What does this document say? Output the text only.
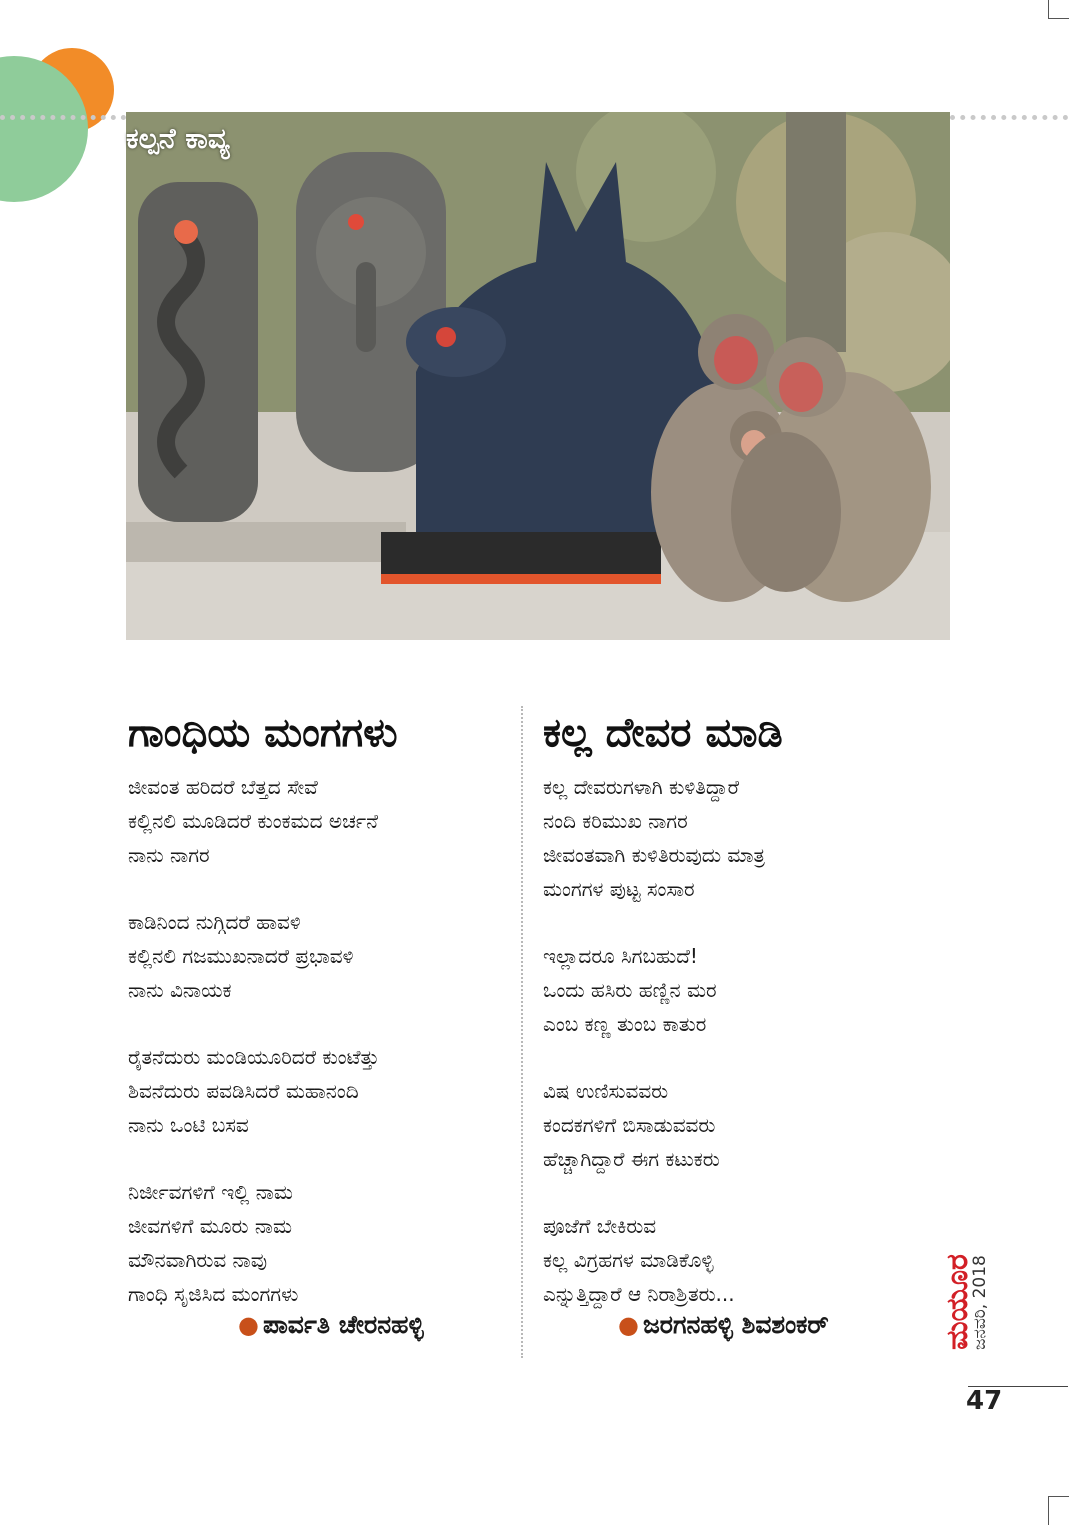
ಕಲ್ಪನೆ ಕಾವ್ಯ
ಗಾಂಧಿಯ ಮಂಗಗಳು
ಜೀವಂತ ಹರಿದರೆ ಬೆತ್ತದ ಸೇವೆ
ಕಲ್ಲಿನಲಿ ಮೂಡಿದರೆ ಕುಂಕಮದ ಅರ್ಚನೆ
ನಾನು ನಾಗರ
ಕಾಡಿನಿಂದ ನುಗ್ಗಿದರೆ ಹಾವಳಿ
ಕಲ್ಲಿನಲಿ ಗಜಮುಖನಾದರೆ ಪ್ರಭಾವಳಿ
ನಾನು ವಿನಾಯಕ
ರೈತನೆದುರು ಮಂಡಿಯೂರಿದರೆ ಕುಂಟೆತ್ತು
ಶಿವನೆದುರು ಪವಡಿಸಿದರೆ ಮಹಾನಂದಿ
ನಾನು ಒಂಟಿ ಬಸವ
ನಿರ್ಜೀವಗಳಿಗೆ ಇಲ್ಲಿ ನಾಮ
ಜೀವಗಳಿಗೆ ಮೂರು ನಾಮ
ಮೌನವಾಗಿರುವ ನಾವು
ಗಾಂಧಿ ಸೃಜಿಸಿದ ಮಂಗಗಳು
● ಪಾರ್ವತಿ ಚೇರನಹಳ್ಳಿ
ಕಲ್ಲ ದೇವರ ಮಾಡಿ
ಕಲ್ಲ ದೇವರುಗಳಾಗಿ ಕುಳಿತಿದ್ದಾರೆ
ನಂದಿ ಕರಿಮುಖ ನಾಗರ
ಜೀವಂತವಾಗಿ ಕುಳಿತಿರುವುದು ಮಾತ್ರ
ಮಂಗಗಳ ಪುಟ್ಟ ಸಂಸಾರ
ಇಲ್ಲಾದರೂ ಸಿಗಬಹುದೆ!
ಒಂದು ಹಸಿರು ಹಣ್ಣಿನ ಮರ
ಎಂಬ ಕಣ್ಣ ತುಂಬ ಕಾತುರ
ವಿಷ ಉಣಿಸುವವರು
ಕಂದಕಗಳಿಗೆ ಬಿಸಾಡುವವರು
ಹೆಚ್ಚಾಗಿದ್ದಾರೆ ಈಗ ಕಟುಕರು
ಪೂಜೆಗೆ ಬೇಕಿರುವ
ಕಲ್ಲ ವಿಗ್ರಹಗಳ ಮಾಡಿಕೊಳ್ಳಿ
ಎನ್ನುತ್ತಿದ್ದಾರೆ ಆ ನಿರಾಶ್ರಿತರು...
● ಜರಗನಹಳ್ಳಿ ಶಿವಶಂಕರ್	ಮಯೂರ
ಜನವರಿ, 2018
47
